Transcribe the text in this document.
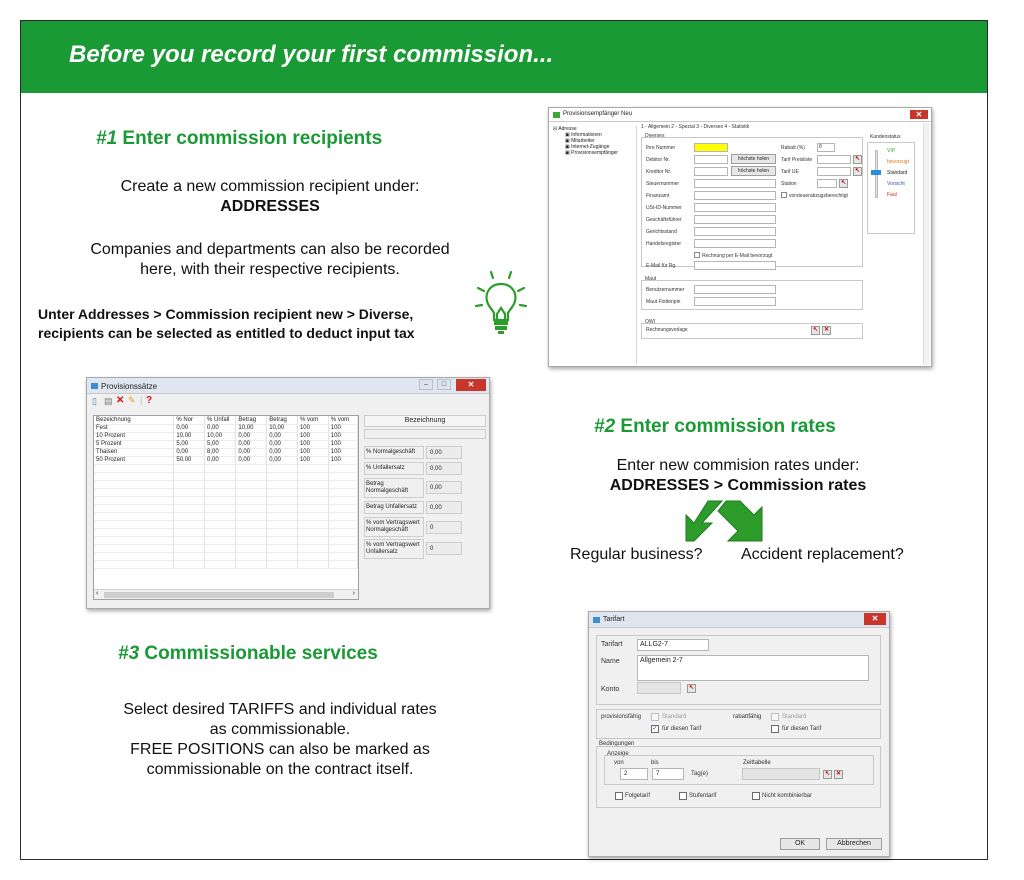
Before you record your first commission...
#1 Enter commission recipients
Create a new commission recipient under:
ADDRESSES
Companies and departments can also be recorded
here, with their respective recipients.
Unter Addresses > Commission recipient new > Diverse,
recipients can be selected as entitled to deduct input tax
Provisionsempfänger Neu	✕
⊟ Adresse
▣ Informationen
▣ Mitarbeiter
▣ Internet-Zugänge
▣ Provisionsempfänger
1 - Allgemein 2 - Spezial 3 - Diverses 4 - Statistik
Diverses
Ihre Nummer
Debitor Nr.	höchste holen
Kreditor Nr.	höchste holen
Steuernummer
Finanzamt
USt-ID-Nummer
Geschäftsführer
Gerichtsstand
Handelsregister
Rechnung per E-Mail bevorzugt
E-Mail für Rg.
Rabatt (%)	0
Tarif Preisliste	↖
Tarif UE	↖
Station	↖
vorsteuerabzugsberechtigt
Maut
Benutzernummer
Maut Flottenpin
OWI
Rechnungsvorlage	↖ ✕
Kundenstatus
VIP
bevorzugt
Standard
Vorsicht
Faul
Provisionssätze	–	□	✕
▯ ▤ ✕ ✎ | ?
Bezeichnung	% Nor	% Unfall	Betrag	Betrag	% vom	% vom
Fest	0,00	0,00	10,00	10,00	100	100
10 Prozent	10,00	10,00	0,00	0,00	100	100
5 Prozent	5,00	5,00	0,00	0,00	100	100
Thaisen	0,00	8,00	0,00	0,00	100	100
50 Prozent	50,00	0,00	0,00	0,00	100	100

‹	›
Bezeichnung
% Normalgeschäft	0,00
% Unfallersatz	0,00
Betrag Normalgeschäft	0,00
Betrag Unfallersatz	0,00
% vom Vertragswert Normalgeschäft	0
% vom Vertragswert Unfallersatz	0
#2 Enter commission rates
Enter new commision rates under:
ADDRESSES > Commission rates
Regular business? Accident replacement?
#3 Commissionable services
Select desired TARIFFS and individual rates
as commissionable.
FREE POSITIONS can also be marked as
commissionable on the contract itself.
Tarifart	✕
Tarifart	ALLG2-7
Name	Allgemein 2-7
Konto	↖
provisionsfähig	Standard
✓ für diesen Tarif
rabattfähig	Standard
für diesen Tarif
Bedingungen
Anzeige
von	bis
2	7	Tag(e)
Zeittabelle
↖ ✕
Folgetarif	Stufentarif	Nicht kombinierbar
OK	Abbrechen
